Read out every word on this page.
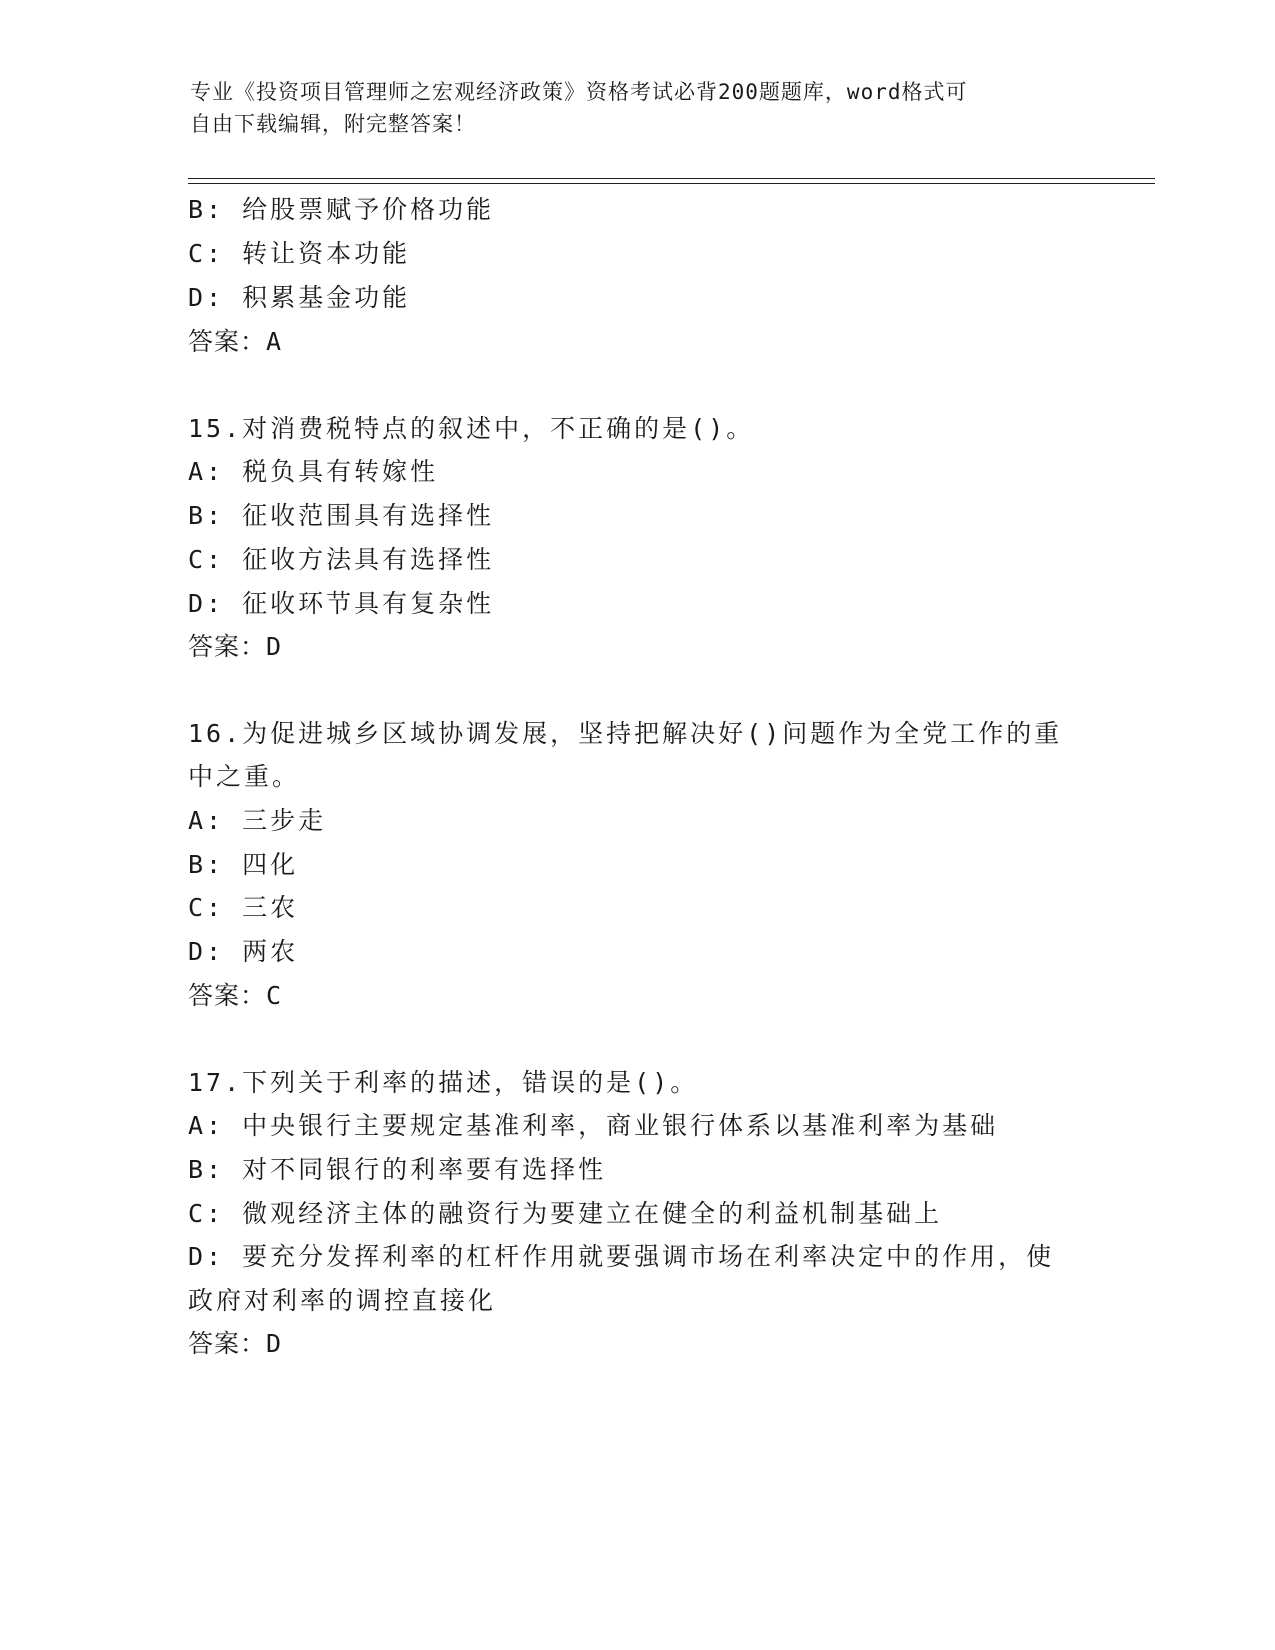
专业《投资项目管理师之宏观经济政策》资格考试必背200题题库，word格式可
自由下载编辑，附完整答案！
B: 给股票赋予价格功能
C: 转让资本功能
D: 积累基金功能
答案：A
15.对消费税特点的叙述中，不正确的是()。
A: 税负具有转嫁性
B: 征收范围具有选择性
C: 征收方法具有选择性
D: 征收环节具有复杂性
答案：D
16.为促进城乡区域协调发展，坚持把解决好()问题作为全党工作的重
中之重。
A: 三步走
B: 四化
C: 三农
D: 两农
答案：C
17.下列关于利率的描述，错误的是()。
A: 中央银行主要规定基准利率，商业银行体系以基准利率为基础
B: 对不同银行的利率要有选择性
C: 微观经济主体的融资行为要建立在健全的利益机制基础上
D: 要充分发挥利率的杠杆作用就要强调市场在利率决定中的作用，使
政府对利率的调控直接化
答案：D
